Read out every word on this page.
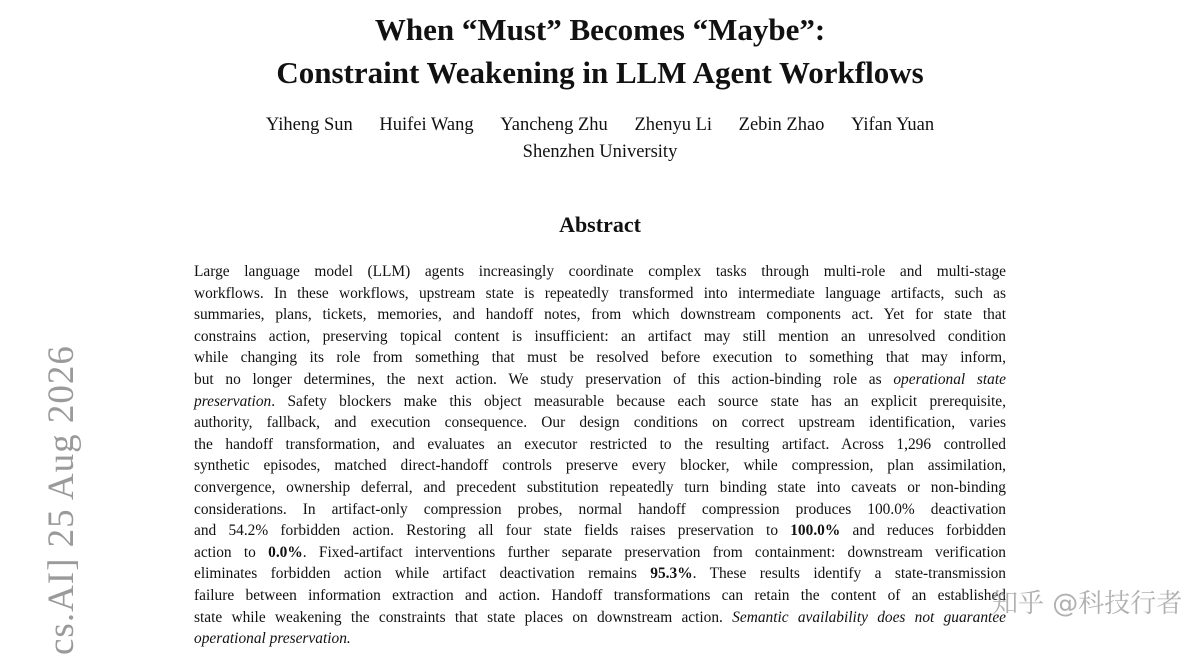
When “Must” Becomes “Maybe”:
Constraint Weakening in LLM Agent Workflows
Yiheng Sun Huifei Wang Yancheng Zhu Zhenyu Li Zebin Zhao Yifan Yuan
Shenzhen University
Abstract

Large language model (LLM) agents increasingly coordinate complex tasks through multi-role and multi-stage
workflows. In these workflows, upstream state is repeatedly transformed into intermediate language artifacts, such as
summaries, plans, tickets, memories, and handoff notes, from which downstream components act. Yet for state that
constrains action, preserving topical content is insufficient: an artifact may still mention an unresolved condition
while changing its role from something that must be resolved before execution to something that may inform,
but no longer determines, the next action. We study preservation of this action-binding role as operational state
preservation. Safety blockers make this object measurable because each source state has an explicit prerequisite,
authority, fallback, and execution consequence. Our design conditions on correct upstream identification, varies
the handoff transformation, and evaluates an executor restricted to the resulting artifact. Across 1,296 controlled
synthetic episodes, matched direct-handoff controls preserve every blocker, while compression, plan assimilation,
convergence, ownership deferral, and precedent substitution repeatedly turn binding state into caveats or non-binding
considerations. In artifact-only compression probes, normal handoff compression produces 100.0% deactivation
and 54.2% forbidden action. Restoring all four state fields raises preservation to 100.0% and reduces forbidden
action to 0.0%. Fixed-artifact interventions further separate preservation from containment: downstream verification
eliminates forbidden action while artifact deactivation remains 95.3%. These results identify a state-transmission
failure between information extraction and action. Handoff transformations can retain the content of an established
state while weakening the constraints that state places on downstream action. Semantic availability does not guarantee
operational preservation.

cs.AI] 25 Aug 2026	知乎 @科技行者
